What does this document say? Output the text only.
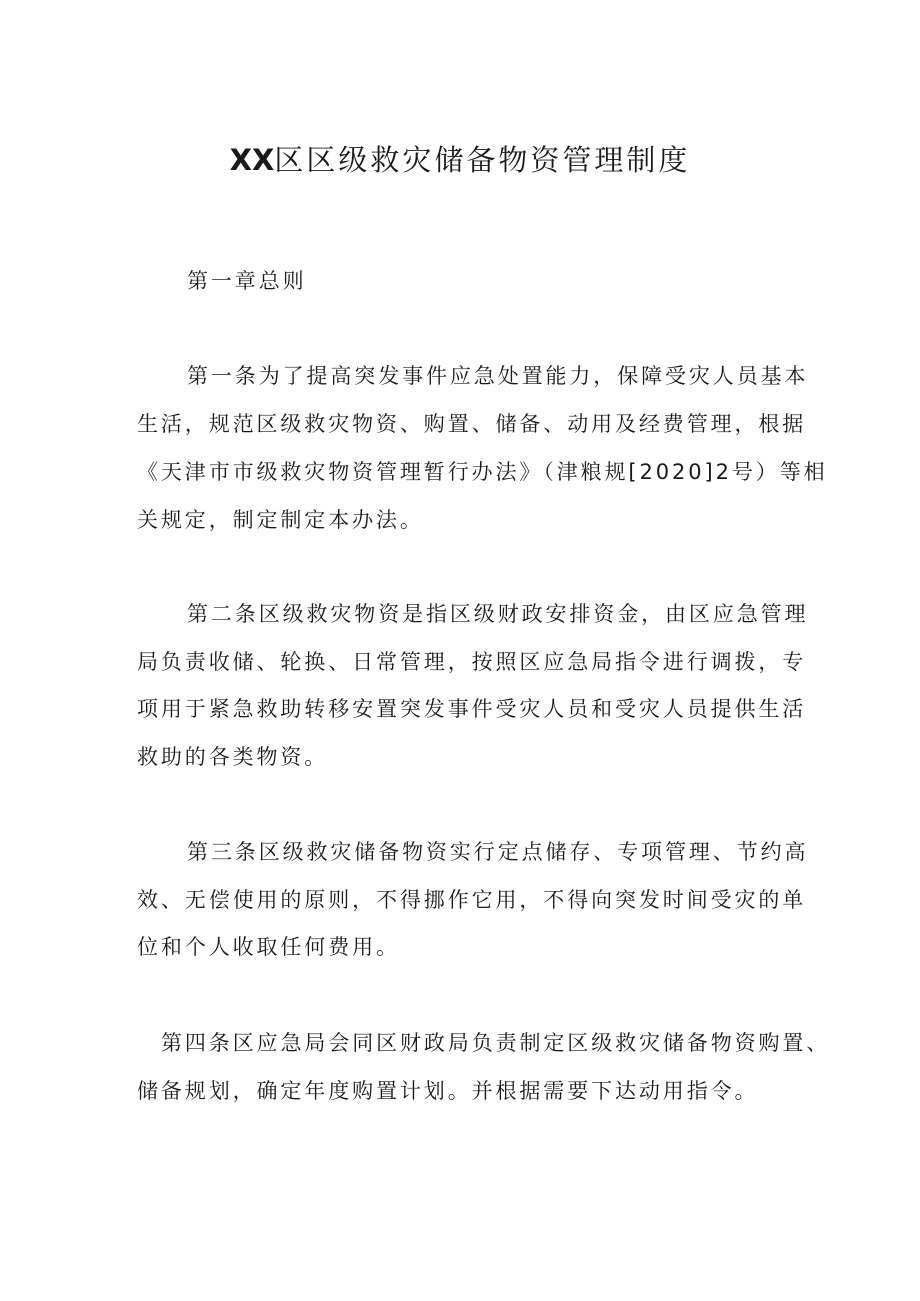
XX区区级救灾储备物资管理制度
第一章总则
第一条为了提高突发事件应急处置能力，保障受灾人员基本
生活，规范区级救灾物资、购置、储备、动用及经费管理，根据
《天津市市级救灾物资管理暂行办法》（津粮规[2020]2号）等相
关规定，制定制定本办法。
第二条区级救灾物资是指区级财政安排资金，由区应急管理
局负责收储、轮换、日常管理，按照区应急局指令进行调拨，专
项用于紧急救助转移安置突发事件受灾人员和受灾人员提供生活
救助的各类物资。
第三条区级救灾储备物资实行定点储存、专项管理、节约高
效、无偿使用的原则，不得挪作它用，不得向突发时间受灾的单
位和个人收取任何费用。
第四条区应急局会同区财政局负责制定区级救灾储备物资购置、
储备规划，确定年度购置计划。并根据需要下达动用指令。
